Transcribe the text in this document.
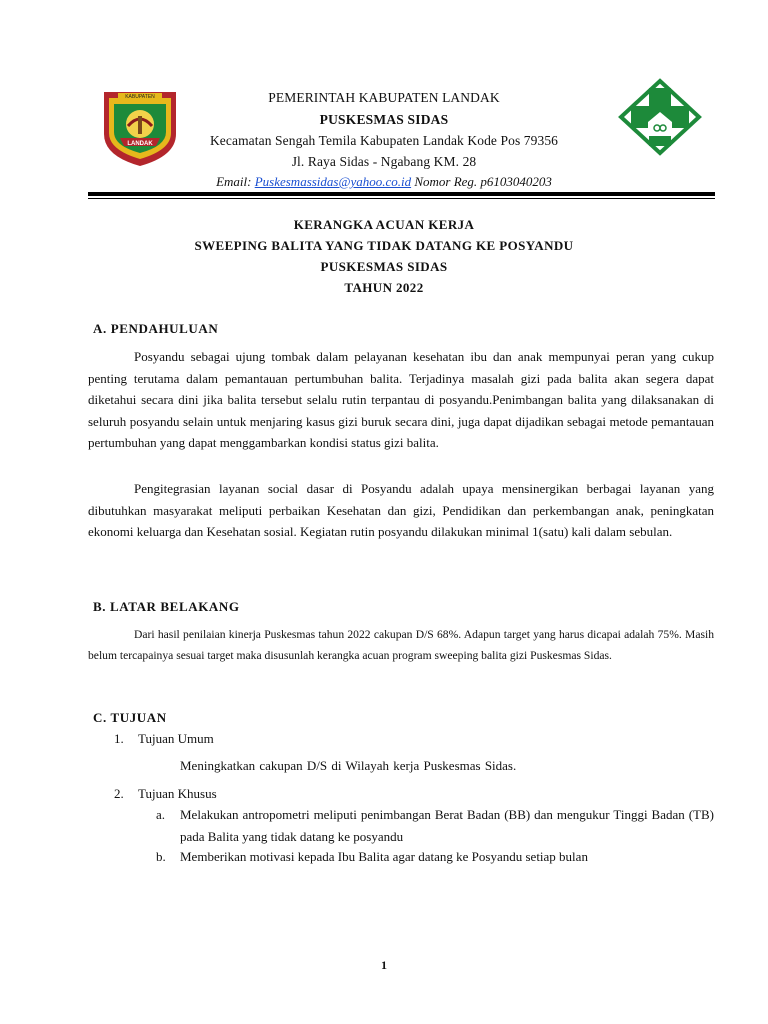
KABUPATEN
LANDAK
PEMERINTAH KABUPATEN LANDAK
PUSKESMAS SIDAS
Kecamatan Sengah Temila Kabupaten Landak Kode Pos 79356
Jl. Raya Sidas - Ngabang KM. 28
Email: Puskesmassidas@yahoo.co.id Nomor Reg. p6103040203
KERANGKA ACUAN KERJA
SWEEPING BALITA YANG TIDAK DATANG KE POSYANDU
PUSKESMAS SIDAS
TAHUN 2022
A. PENDAHULUAN
Posyandu sebagai ujung tombak dalam pelayanan kesehatan ibu dan anak mempunyai peran yang cukup penting terutama dalam pemantauan pertumbuhan balita. Terjadinya masalah gizi pada balita akan segera dapat diketahui secara dini jika balita tersebut selalu rutin terpantau di posyandu.Penimbangan balita yang dilaksanakan di seluruh posyandu selain untuk menjaring kasus gizi buruk secara dini, juga dapat dijadikan sebagai metode pemantauan pertumbuhan yang dapat menggambarkan kondisi status gizi balita.
Pengitegrasian layanan social dasar di Posyandu adalah upaya mensinergikan berbagai layanan yang dibutuhkan masyarakat meliputi perbaikan Kesehatan dan gizi, Pendidikan dan perkembangan anak, peningkatan ekonomi keluarga dan Kesehatan sosial. Kegiatan rutin posyandu dilakukan minimal 1(satu) kali dalam sebulan.
B. LATAR BELAKANG
Dari hasil penilaian kinerja Puskesmas tahun 2022 cakupan D/S 68%. Adapun target yang harus dicapai adalah 75%. Masih belum tercapainya sesuai target maka disusunlah kerangka acuan program sweeping balita gizi Puskesmas Sidas.
C. TUJUAN
1. Tujuan Umum
Meningkatkan cakupan D/S di Wilayah kerja Puskesmas Sidas.
2. Tujuan Khusus
a. Melakukan antropometri meliputi penimbangan Berat Badan (BB) dan mengukur Tinggi Badan (TB) pada Balita yang tidak datang ke posyandu
b. Memberikan motivasi kepada Ibu Balita agar datang ke Posyandu setiap bulan
1
